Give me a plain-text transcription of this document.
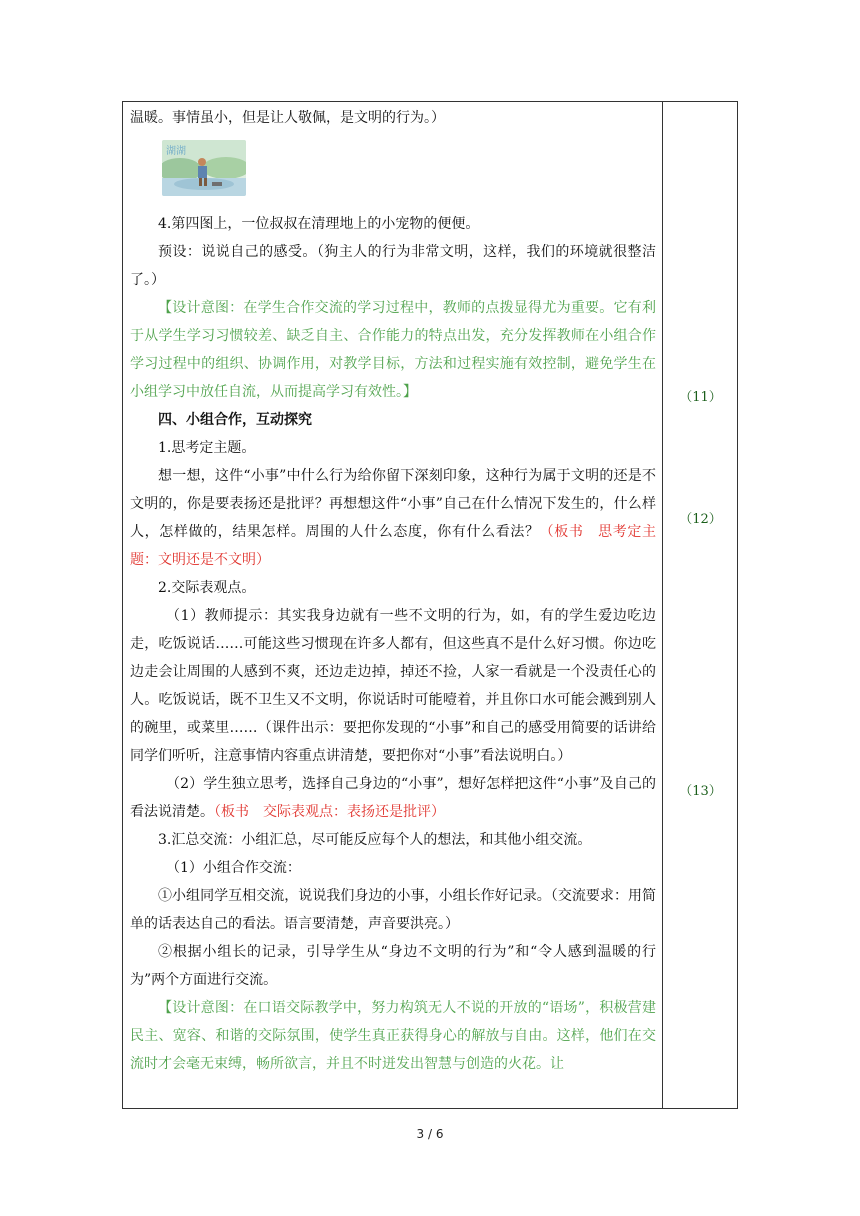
温暖。事情虽小，但是让人敬佩，是文明的行为。）

湖湖

4.第四图上，一位叔叔在清理地上的小宠物的便便。

预设：说说自己的感受。（狗主人的行为非常文明，这样，我们的环境就很整洁了。）

【设计意图：在学生合作交流的学习过程中，教师的点拨显得尤为重要。它有利于从学生学习习惯较差、缺乏自主、合作能力的特点出发，充分发挥教师在小组合作学习过程中的组织、协调作用，对教学目标，方法和过程实施有效控制，避免学生在小组学习中放任自流，从而提高学习有效性。】

四、小组合作，互动探究

1.思考定主题。

想一想，这件“小事”中什么行为给你留下深刻印象，这种行为属于文明的还是不文明的，你是要表扬还是批评？再想想这件“小事”自己在什么情况下发生的，什么样人，怎样做的，结果怎样。周围的人什么态度，你有什么看法？（板书　思考定主题：文明还是不文明）

2.交际表观点。

（1）教师提示：其实我身边就有一些不文明的行为，如，有的学生爱边吃边走，吃饭说话……可能这些习惯现在许多人都有，但这些真不是什么好习惯。你边吃边走会让周围的人感到不爽，还边走边掉，掉还不捡，人家一看就是一个没责任心的人。吃饭说话，既不卫生又不文明，你说话时可能噎着，并且你口水可能会溅到别人的碗里，或菜里……（课件出示：要把你发现的“小事”和自己的感受用简要的话讲给同学们听听，注意事情内容重点讲清楚，要把你对“小事”看法说明白。）

（2）学生独立思考，选择自己身边的“小事”，想好怎样把这件“小事”及自己的看法说清楚。（板书　交际表观点：表扬还是批评）

3.汇总交流：小组汇总，尽可能反应每个人的想法，和其他小组交流。

（1）小组合作交流：

①小组同学互相交流，说说我们身边的小事，小组长作好记录。（交流要求：用简单的话表达自己的看法。语言要清楚，声音要洪亮。）

②根据小组长的记录，引导学生从“身边不文明的行为”和“令人感到温暖的行为”两个方面进行交流。

【设计意图：在口语交际教学中，努力构筑无人不说的开放的“语场”，积极营建民主、宽容、和谐的交际氛围，使学生真正获得身心的解放与自由。这样，他们在交流时才会毫无束缚，畅所欲言，并且不时迸发出智慧与创造的火花。让

（11）
（12）
（13）
3 / 6
